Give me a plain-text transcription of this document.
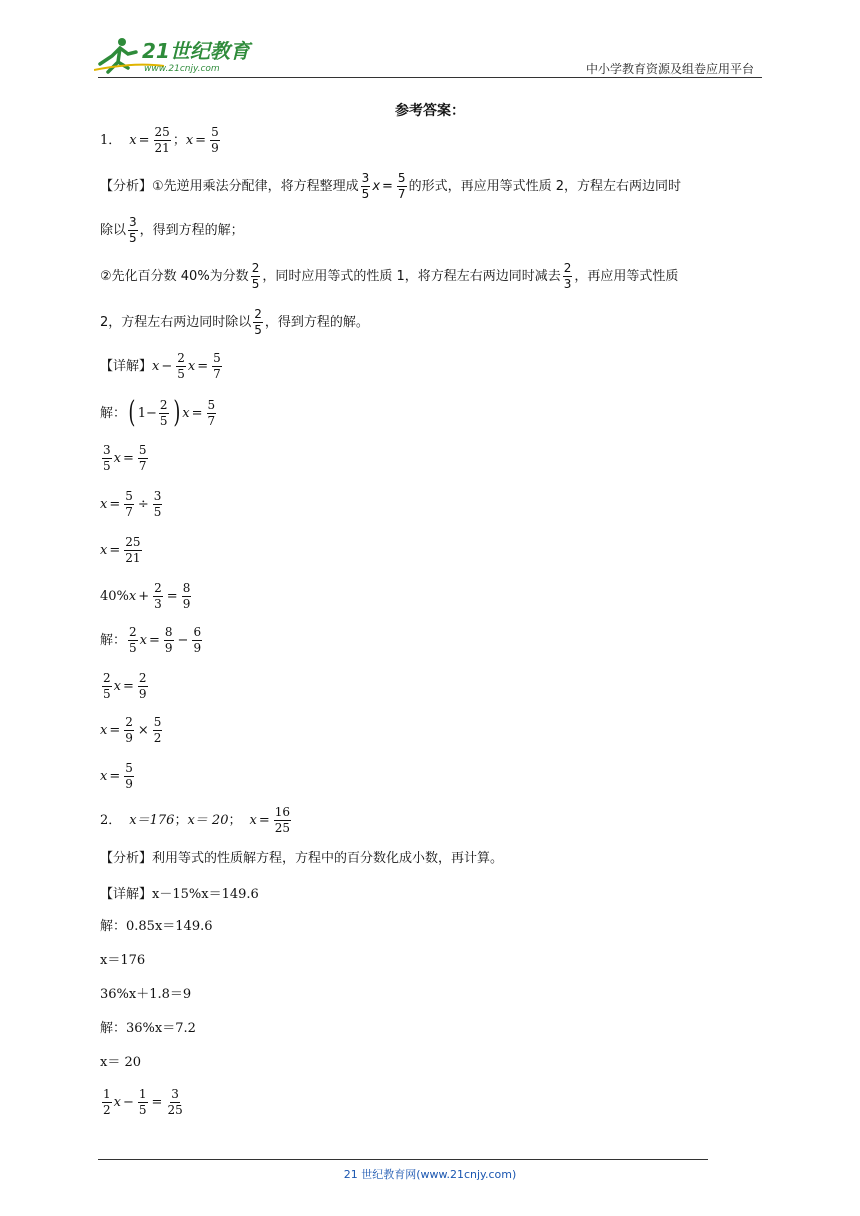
21世纪教育
www.21cnjy.com	中小学教育资源及组卷应用平台
参考答案：
1． $x = \frac{25}{21}$ ； $x = \frac{5}{9}$
【分析】 ①先逆用乘法分配律，将方程整理成 $\frac{3}{5}$ $x = \frac{5}{7}$ 的形式，再应用等式性质 2，方程左右两边同时
除以 $\frac{3}{5}$ ，得到方程的解；
②先化百分数 40%为分数 $\frac{2}{5}$ ，同时应用等式的性质 1，将方程左右两边同时减去 $\frac{2}{3}$ ，再应用等式性质
2，方程左右两边同时除以 $\frac{2}{5}$ ，得到方程的解。
【详解】 $x - \frac{2}{5}$ $x = \frac{5}{7}$
解： ( $1- \frac{2}{5}$ ) $x = \frac{5}{7}$
$\frac{3}{5}$ $x = \frac{5}{7}$
$x = \frac{5}{7} \div \frac{3}{5}$
$x = \frac{25}{21}$
40% $x + \frac{2}{3} = \frac{8}{9}$
解： $\frac{2}{5}$ $x = \frac{8}{9} - \frac{6}{9}$
$\frac{2}{5}$ $x = \frac{2}{9}$
$x = \frac{2}{9} \times \frac{5}{2}$
$x = \frac{5}{9}$
2． x＝176 ； x＝ 20 ； $x = \frac{16}{25}$
【分析】 利用等式的性质解方程，方程中的百分数化成小数，再计算。
【详解】 x－15%x＝149.6
解：0.85x＝149.6
x＝176
36%x＋1.8＝9
解：36%x＝7.2
x＝ 20
$\frac{1}{2}$ $x - \frac{1}{5} = \frac{3}{25}$
21 世纪教育网(www.21cnjy.com)
